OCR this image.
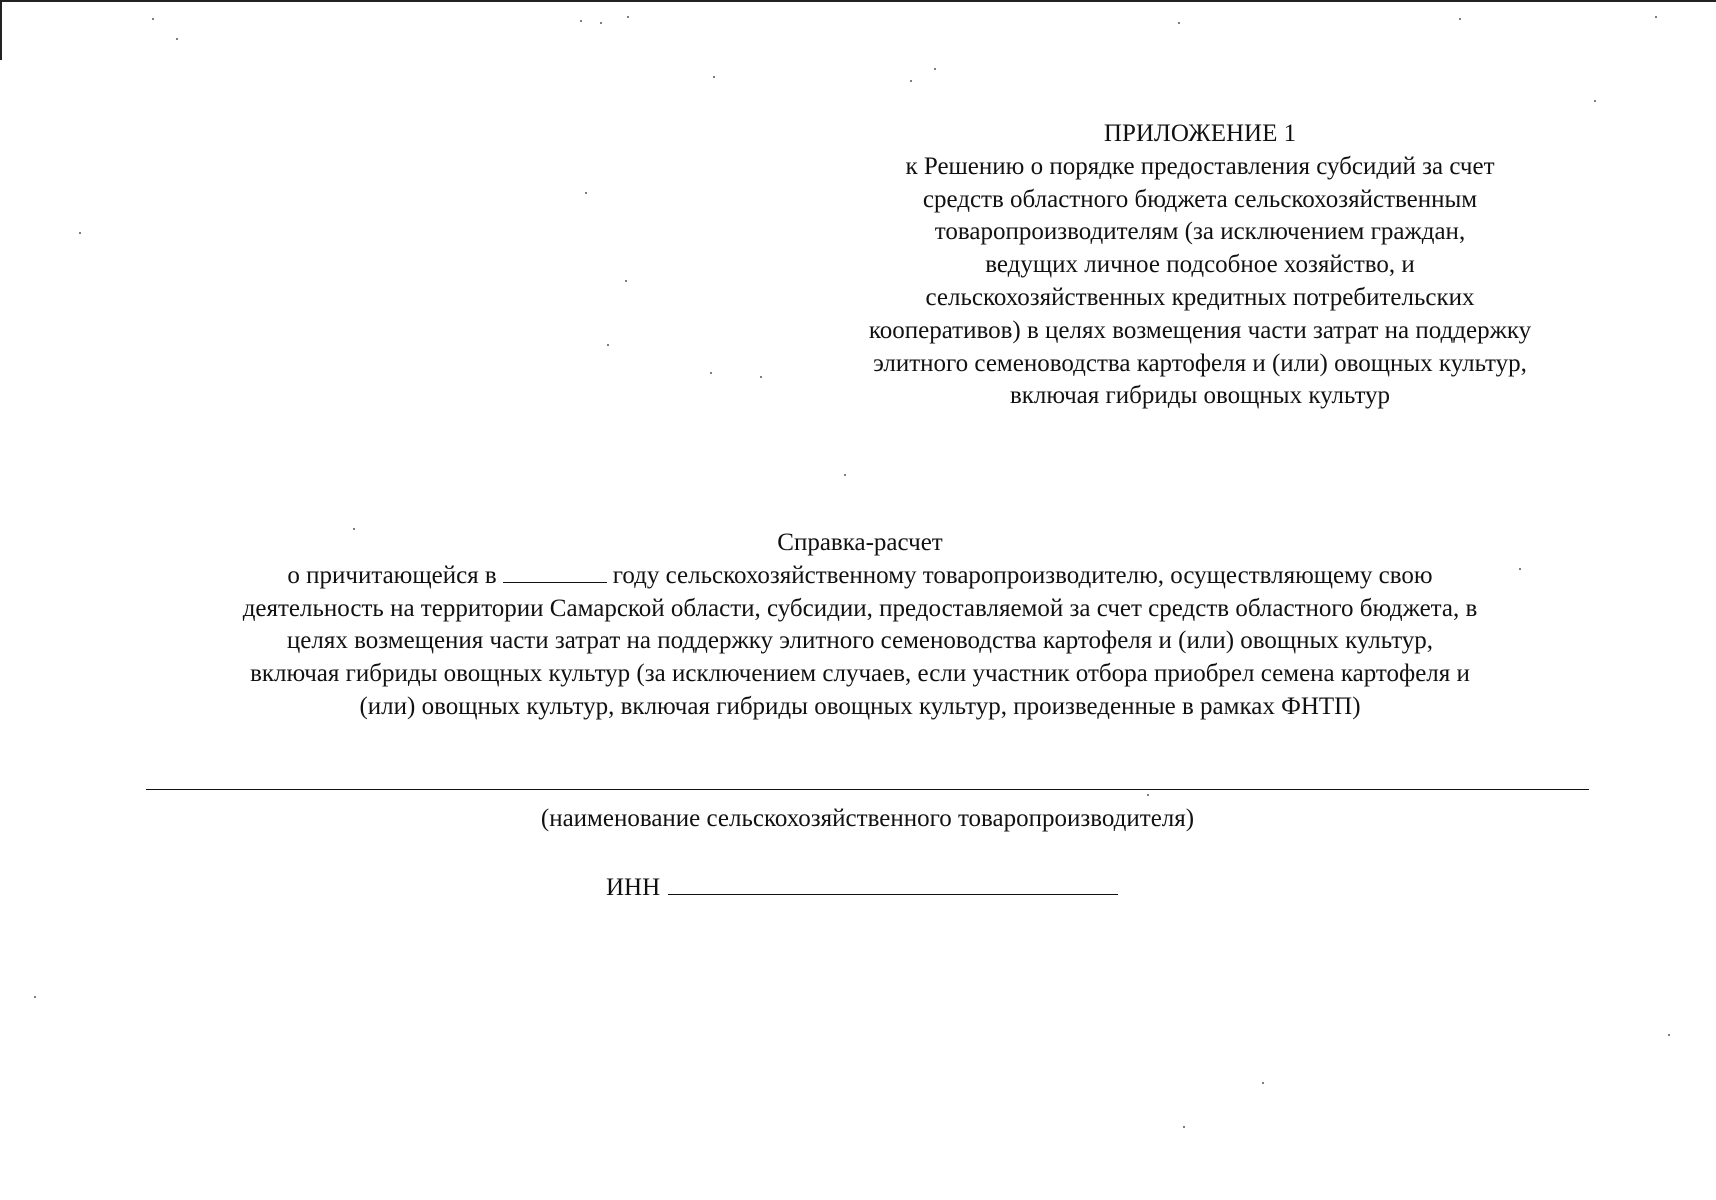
ПРИЛОЖЕНИЕ 1
к Решению о порядке предоставления субсидий за счет
средств областного бюджета сельскохозяйственным
товаропроизводителям (за исключением граждан,
ведущих личное подсобное хозяйство, и
сельскохозяйственных кредитных потребительских
кооперативов) в целях возмещения части затрат на поддержку
элитного семеноводства картофеля и (или) овощных культур,
включая гибриды овощных культур
Справка-расчет
о причитающейся в	году сельскохозяйственному товаропроизводителю, осуществляющему свою
деятельность на территории Самарской области, субсидии, предоставляемой за счет средств областного бюджета, в
целях возмещения части затрат на поддержку элитного семеноводства картофеля и (или) овощных культур,
включая гибриды овощных культур (за исключением случаев, если участник отбора приобрел семена картофеля и
(или) овощных культур, включая гибриды овощных культур, произведенные в рамках ФНТП)
(наименование сельскохозяйственного товаропроизводителя)
ИНН
